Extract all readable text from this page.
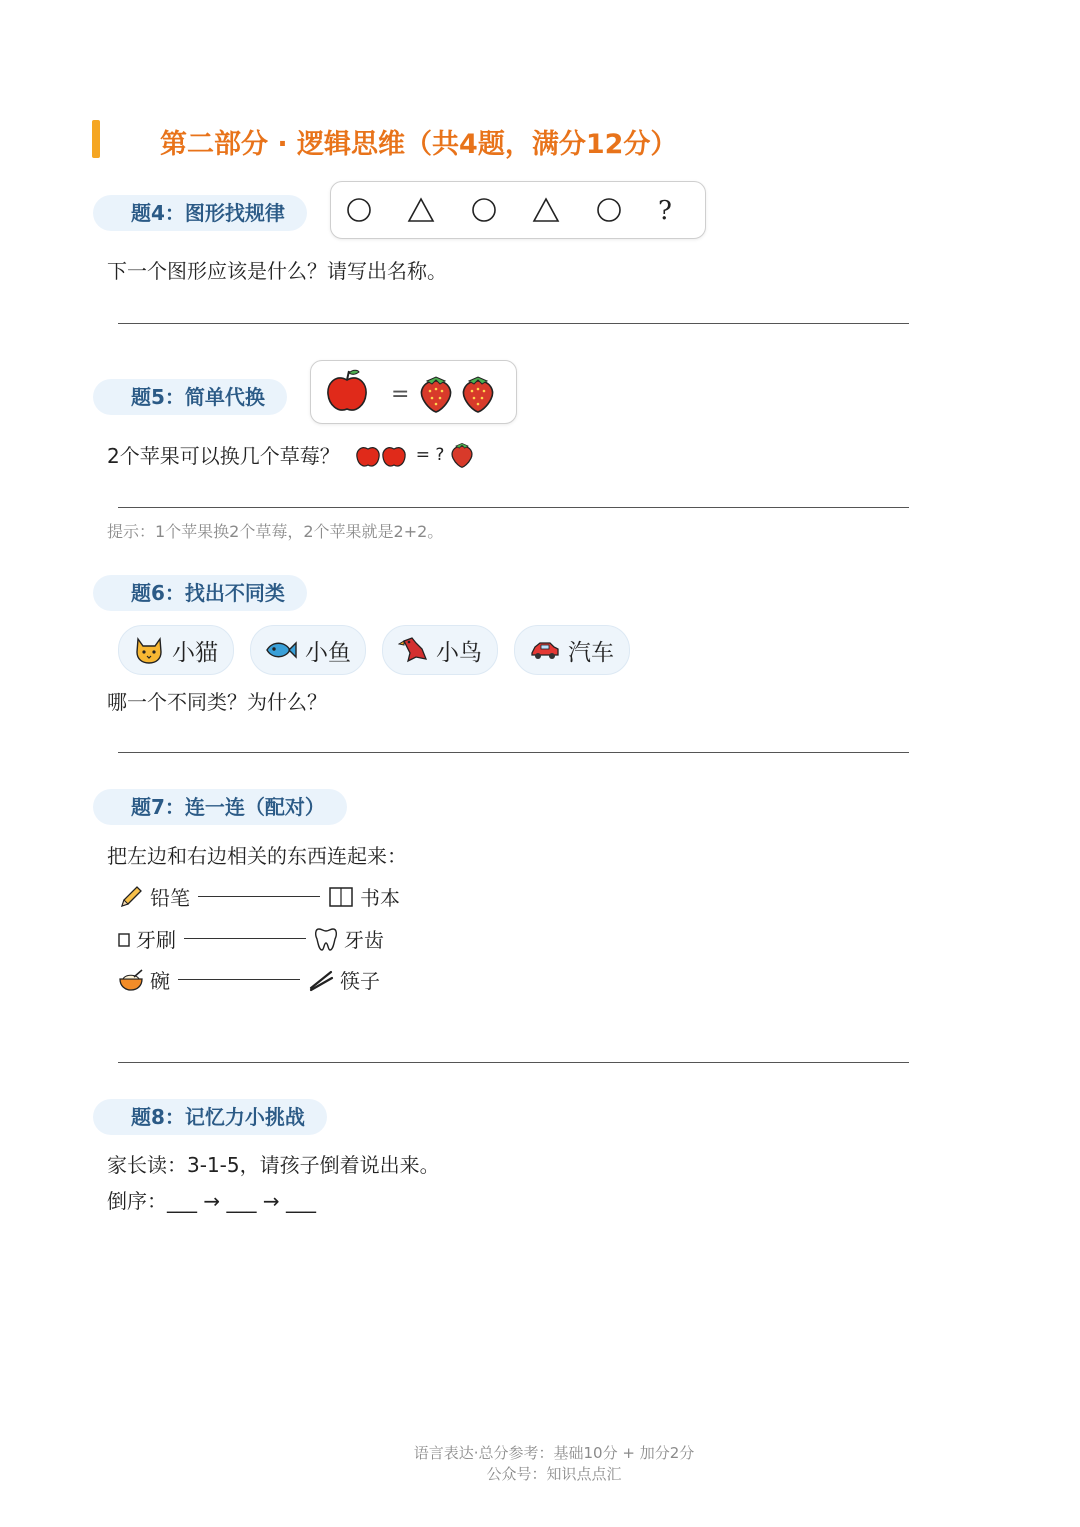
第二部分 · 逻辑思维（共4题，满分12分）
题4：图形找规律	?
下一个图形应该是什么？请写出名称。
题5：简单代换	=
2个苹果可以换几个草莓？	= ?
提示：1个苹果换2个草莓，2个苹果就是2+2。
题6：找出不同类
小猫	小鱼	小鸟	汽车
哪一个不同类？为什么？
题7：连一连（配对）
把左边和右边相关的东西连起来：
铅笔	书本
牙刷	牙齿
碗	筷子
题8：记忆力小挑战
家长读：3-1-5，请孩子倒着说出来。
倒序：___ → ___ → ___
语言表达·总分参考：基础10分 + 加分2分
公众号：知识点点汇
